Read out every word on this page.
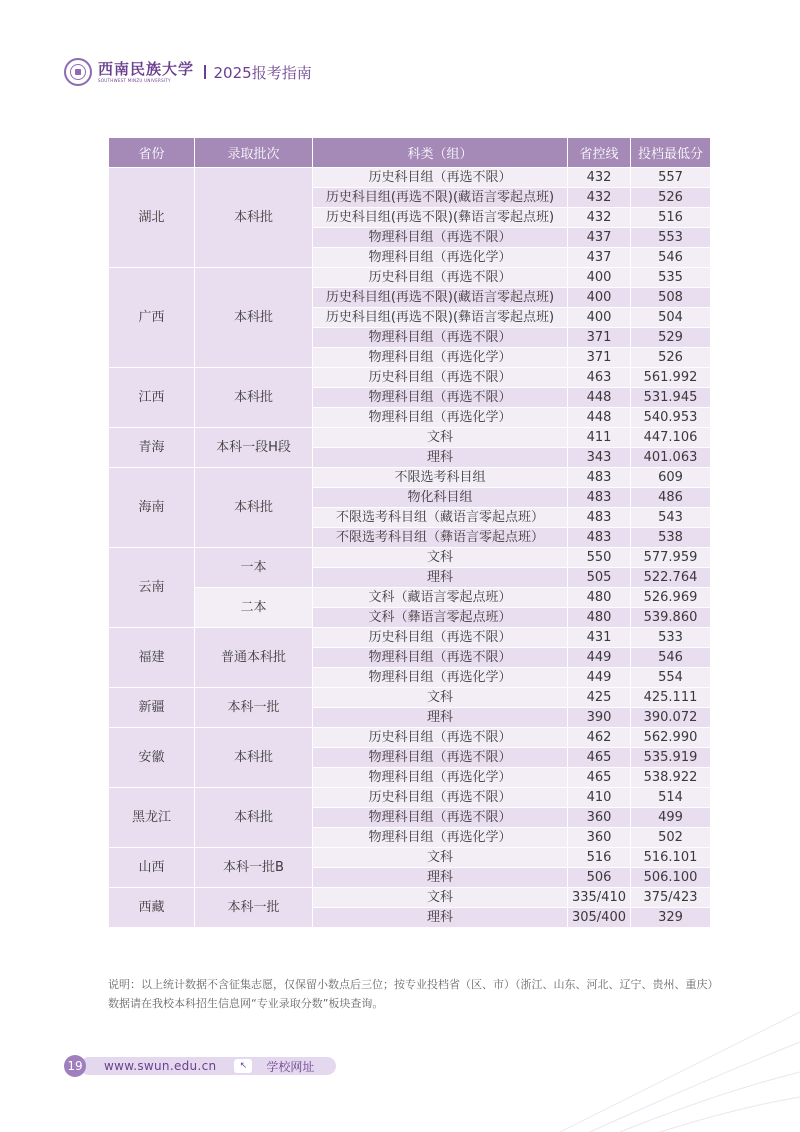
西南民族大学
SOUTHWEST MINZU UNIVERSITY	2025报考指南
省份	录取批次	科类（组）	省控线	投档最低分
湖北	本科批	历史科目组（再选不限）	432	557
		历史科目组(再选不限)(藏语言零起点班)	432	526
		历史科目组(再选不限)(彝语言零起点班)	432	516
		物理科目组（再选不限）	437	553
		物理科目组（再选化学）	437	546
广西	本科批	历史科目组（再选不限）	400	535
		历史科目组(再选不限)(藏语言零起点班)	400	508
		历史科目组(再选不限)(彝语言零起点班)	400	504
		物理科目组（再选不限）	371	529
		物理科目组（再选化学）	371	526
江西	本科批	历史科目组（再选不限）	463	561.992
		物理科目组（再选不限）	448	531.945
		物理科目组（再选化学）	448	540.953
青海	本科一段H段	文科	411	447.106
		理科	343	401.063
海南	本科批	不限选考科目组	483	609
		物化科目组	483	486
		不限选考科目组（藏语言零起点班）	483	543
		不限选考科目组（彝语言零起点班）	483	538
云南	一本	文科	550	577.959
		理科	505	522.764
	二本	文科（藏语言零起点班）	480	526.969
		文科（彝语言零起点班）	480	539.860
福建	普通本科批	历史科目组（再选不限）	431	533
		物理科目组（再选不限）	449	546
		物理科目组（再选化学）	449	554
新疆	本科一批	文科	425	425.111
		理科	390	390.072
安徽	本科批	历史科目组（再选不限）	462	562.990
		物理科目组（再选不限）	465	535.919
		物理科目组（再选化学）	465	538.922
黑龙江	本科批	历史科目组（再选不限）	410	514
		物理科目组（再选不限）	360	499
		物理科目组（再选化学）	360	502
山西	本科一批B	文科	516	516.101
		理科	506	506.100
西藏	本科一批	文科	335/410	375/423
		理科	305/400	329
说明：以上统计数据不含征集志愿，仅保留小数点后三位；按专业投档省（区、市）（浙江、山东、河北、辽宁、贵州、重庆）数据请在我校本科招生信息网“专业录取分数”板块查询。
19 www.swun.edu.cn	↖	学校网址
